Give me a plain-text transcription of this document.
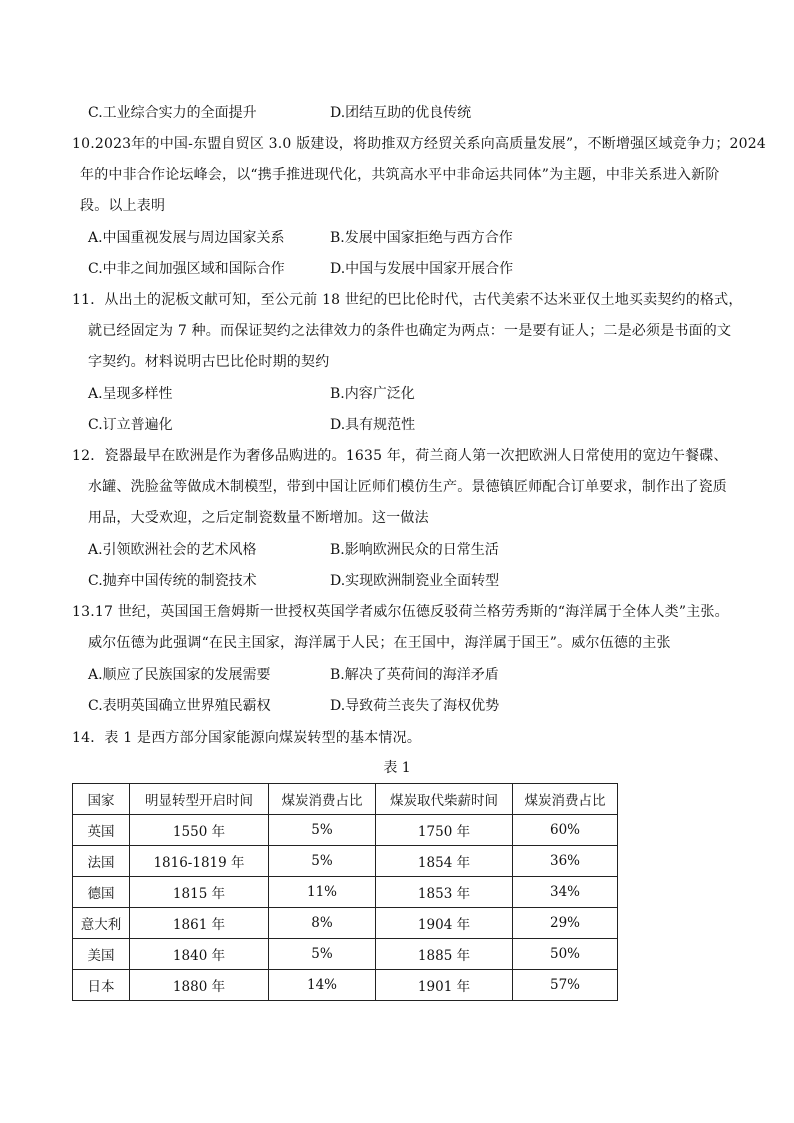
C.工业综合实力的全面提升	D.团结互助的优良传统
10.2023年的中国-东盟自贸区 3.0 版建设，将助推双方经贸关系向高质量发展”，不断增强区域竞争力；2024
年的中非合作论坛峰会，以“携手推进现代化，共筑高水平中非命运共同体”为主题，中非关系进入新阶
段。以上表明
A.中国重视发展与周边国家关系	B.发展中国家拒绝与西方合作
C.中非之间加强区域和国际合作	D.中国与发展中国家开展合作
11．从出土的泥板文献可知，至公元前 18 世纪的巴比伦时代，古代美索不达米亚仅土地买卖契约的格式，
就已经固定为 7 种。而保证契约之法律效力的条件也确定为两点：一是要有证人；二是必须是书面的文
字契约。材料说明古巴比伦时期的契约
A.呈现多样性	B.内容广泛化
C.订立普遍化	D.具有规范性
12．瓷器最早在欧洲是作为奢侈品购进的。1635 年，荷兰商人第一次把欧洲人日常使用的宽边午餐碟、
水罐、洗脸盆等做成木制模型，带到中国让匠师们模仿生产。景德镇匠师配合订单要求，制作出了瓷质
用品，大受欢迎，之后定制瓷数量不断增加。这一做法
A.引领欧洲社会的艺术风格	B.影响欧洲民众的日常生活
C.抛弃中国传统的制瓷技术	D.实现欧洲制瓷业全面转型
13.17 世纪，英国国王詹姆斯一世授权英国学者威尔伍德反驳荷兰格劳秀斯的“海洋属于全体人类”主张。
威尔伍德为此强调“在民主国家，海洋属于人民；在王国中，海洋属于国王”。威尔伍德的主张
A.顺应了民族国家的发展需要	B.解决了英荷间的海洋矛盾
C.表明英国确立世界殖民霸权	D.导致荷兰丧失了海权优势
14．表 1 是西方部分国家能源向煤炭转型的基本情况。
表 1
国家	明显转型开启时间	煤炭消费占比	煤炭取代柴薪时间	煤炭消费占比
英国	1550 年	5%	1750 年	60%
法国	1816-1819 年	5%	1854 年	36%
德国	1815 年	11%	1853 年	34%
意大利	1861 年	8%	1904 年	29%
美国	1840 年	5%	1885 年	50%
日本	1880 年	14%	1901 年	57%
